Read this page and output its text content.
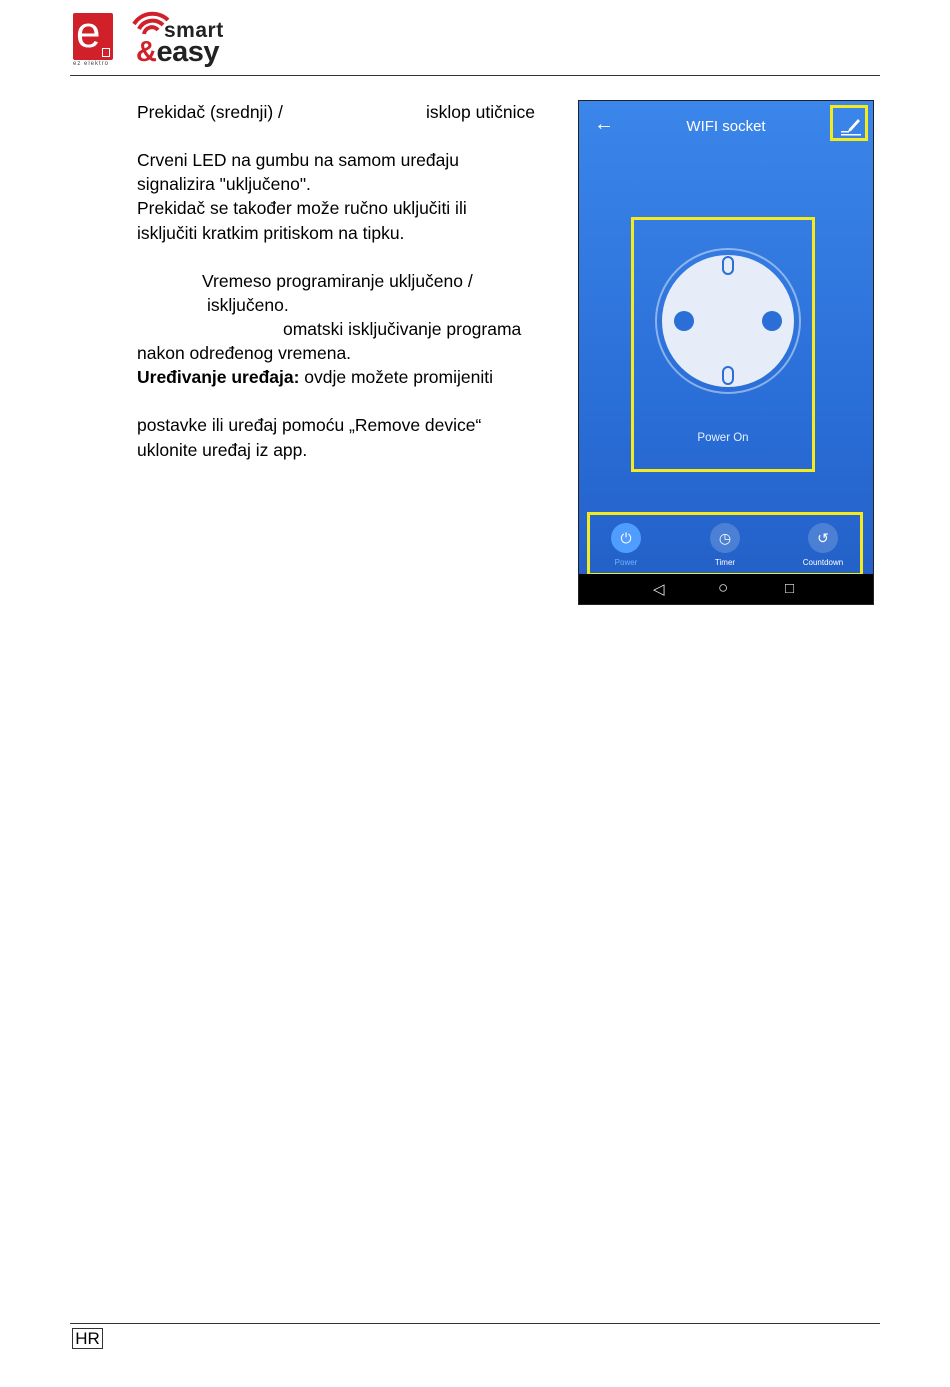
e
ez elektro
smart
&easy
Prekidač (srednji) /	isklop utičnice
Crveni LED na gumbu na samom uređaju
signalizira "uključeno".
Prekidač se također može ručno uključiti ili
isključiti kratkim pritiskom na tipku.
Vremeso programiranje uključeno /
isključeno.
omatski isključivanje programa
nakon određenog vremena.
Uređivanje uređaja: ovdje možete promijeniti
postavke ili uređaj pomoću „Remove device“
uklonite uređaj iz app.
←	WIFI socket
Power On
⏻
Power
◷
Timer
↺
Countdown
◁	○	□
HR
